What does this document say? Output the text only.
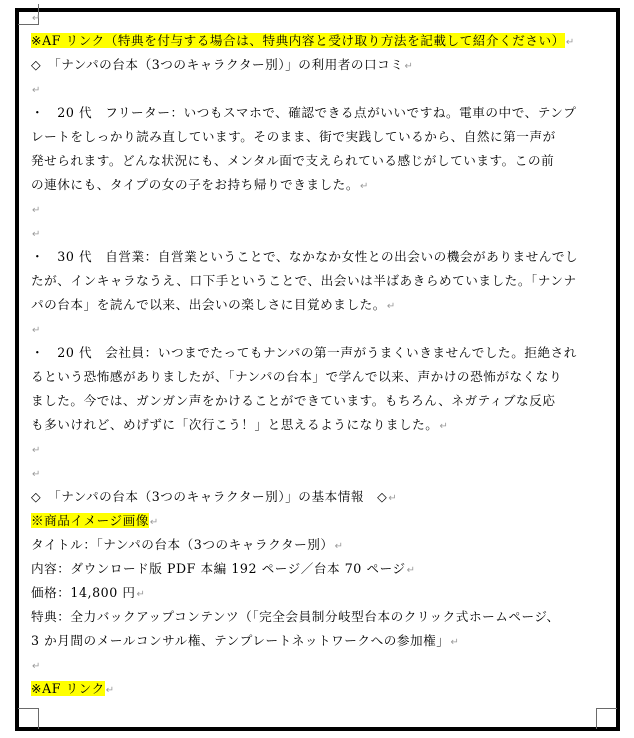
↵
※AF リンク（特典を付与する場合は、特典内容と受け取り方法を記載して紹介ください）↵
◇　「ナンパの台本（3つのキャラクター別）」の利用者の口コミ↵
↵
・　20 代　フリーター：いつもスマホで、確認できる点がいいですね。電車の中で、テンプ
レートをしっかり読み直しています。そのまま、街で実践しているから、自然に第一声が
発せられます。どんな状況にも、メンタル面で支えられている感じがしています。この前
の連休にも、タイプの女の子をお持ち帰りできました。↵
↵
↵
・　30 代　自営業：自営業ということで、なかなか女性との出会いの機会がありませんでし
たが、インキャラなうえ、口下手ということで、出会いは半ばあきらめていました。「ナンナ
パの台本」を読んで以来、出会いの楽しさに目覚めました。↵
↵
・　20 代　会社員：いつまでたってもナンパの第一声がうまくいきませんでした。拒絶され
るという恐怖感がありましたが、「ナンパの台本」で学んで以来、声かけの恐怖がなくなり
ました。今では、ガンガン声をかけることができています。もちろん、ネガティブな反応
も多いけれど、めげずに「次行こう！」と思えるようになりました。↵
↵
↵
◇　「ナンパの台本（3つのキャラクター別）」の基本情報　◇↵
※商品イメージ画像↵
タイトル：「ナンパの台本（3つのキャラクター別）↵
内容：ダウンロード版 PDF 本編 192 ページ／台本 70 ページ↵
価格：14,800 円↵
特典：全力バックアップコンテンツ（「完全会員制分岐型台本のクリック式ホームページ、
3 か月間のメールコンサル権、テンプレートネットワークへの参加権」↵
↵
※AF リンク↵
